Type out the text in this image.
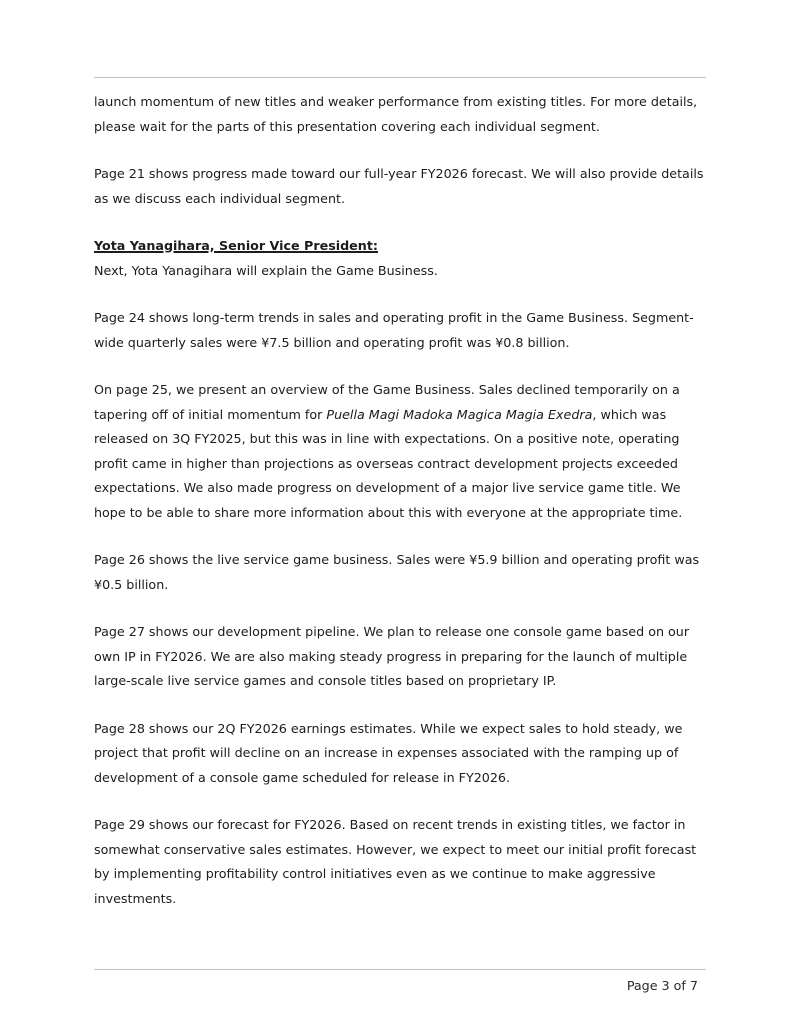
launch momentum of new titles and weaker performance from existing titles. For more details, please wait for the parts of this presentation covering each individual segment.

Page 21 shows progress made toward our full-year FY2026 forecast. We will also provide details as we discuss each individual segment.

Yota Yanagihara, Senior Vice President:

Next, Yota Yanagihara will explain the Game Business.

Page 24 shows long-term trends in sales and operating profit in the Game Business. Segment-wide quarterly sales were ¥7.5 billion and operating profit was ¥0.8 billion.

On page 25, we present an overview of the Game Business. Sales declined temporarily on a tapering off of initial momentum for Puella Magi Madoka Magica Magia Exedra, which was released on 3Q FY2025, but this was in line with expectations. On a positive note, operating profit came in higher than projections as overseas contract development projects exceeded expectations. We also made progress on development of a major live service game title. We hope to be able to share more information about this with everyone at the appropriate time.

Page 26 shows the live service game business. Sales were ¥5.9 billion and operating profit was ¥0.5 billion.

Page 27 shows our development pipeline. We plan to release one console game based on our own IP in FY2026. We are also making steady progress in preparing for the launch of multiple large-scale live service games and console titles based on proprietary IP.

Page 28 shows our 2Q FY2026 earnings estimates. While we expect sales to hold steady, we project that profit will decline on an increase in expenses associated with the ramping up of development of a console game scheduled for release in FY2026.

Page 29 shows our forecast for FY2026. Based on recent trends in existing titles, we factor in somewhat conservative sales estimates. However, we expect to meet our initial profit forecast by implementing profitability control initiatives even as we continue to make aggressive investments.

Page 3 of 7
